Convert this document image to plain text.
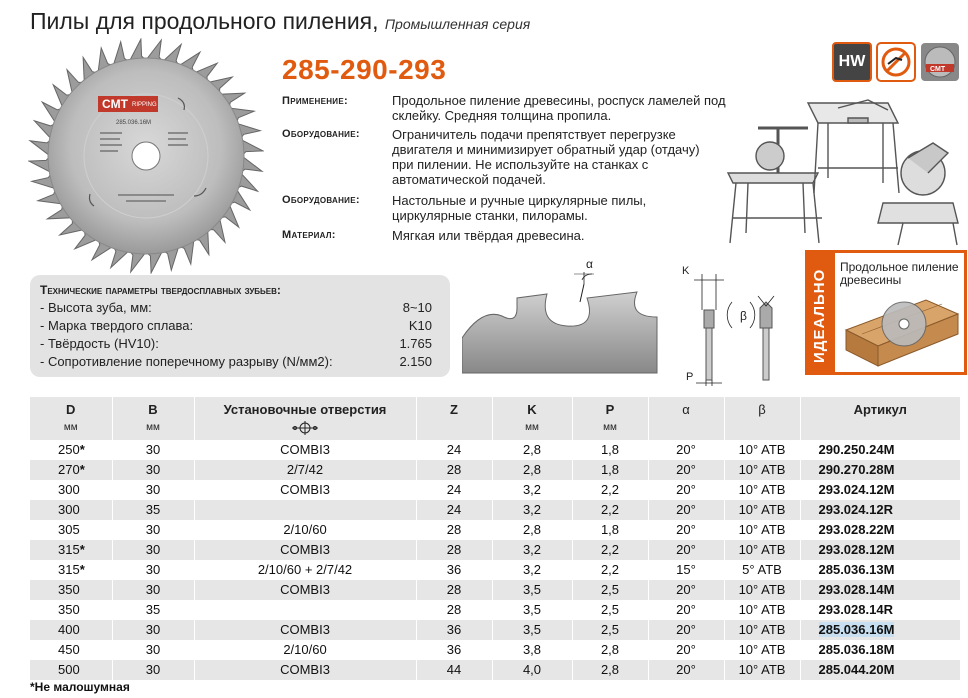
Пилы для продольного пиления, Промышленная серия
CMT RIPPING
285.036.16M
285-290-293
Применение:	Продольное пиление древесины, роспуск ламелей под склейку. Средняя толщина пропила.
Оборудование: Ограничитель подачи препятствует перегрузке двигателя и минимизирует обратный удар (отдачу) при пилении. Не используйте на станках с автоматической подачей.
Оборудование: Настольные и ручные циркулярные пилы, циркулярные станки, пилорамы.
Материал:	Мягкая или твёрдая древесина.
HW	CMT
Технические параметры твердосплавных зубьев:
- Высота зуба, мм:	8~10
- Марка твердого сплава:	K10
- Твёрдость (HV10):	1.765
- Сопротивление поперечному разрыву (N/мм2):	2.150
α	K
P
β	ИДЕАЛЬНО
Продольное пиление древесины
D	B	Установочные отверстия	Z	K	P	α	β	Артикул
мм	мм			мм	мм			
250*	30	COMBI3	24	2,8	1,8	20°	10° ATB	290.250.24M
270*	30	2/7/42	28	2,8	1,8	20°	10° ATB	290.270.28M
300	30	COMBI3	24	3,2	2,2	20°	10° ATB	293.024.12M
300	35		24	3,2	2,2	20°	10° ATB	293.024.12R
305	30	2/10/60	28	2,8	1,8	20°	10° ATB	293.028.22M
315*	30	COMBI3	28	3,2	2,2	20°	10° ATB	293.028.12M
315*	30	2/10/60 + 2/7/42	36	3,2	2,2	15°	5° ATB	285.036.13M
350	30	COMBI3	28	3,5	2,5	20°	10° ATB	293.028.14M
350	35		28	3,5	2,5	20°	10° ATB	293.028.14R
400	30	COMBI3	36	3,5	2,5	20°	10° ATB	285.036.16M
450	30	2/10/60	36	3,8	2,8	20°	10° ATB	285.036.18M
500	30	COMBI3	44	4,0	2,8	20°	10° ATB	285.044.20M
*Не малошумная
